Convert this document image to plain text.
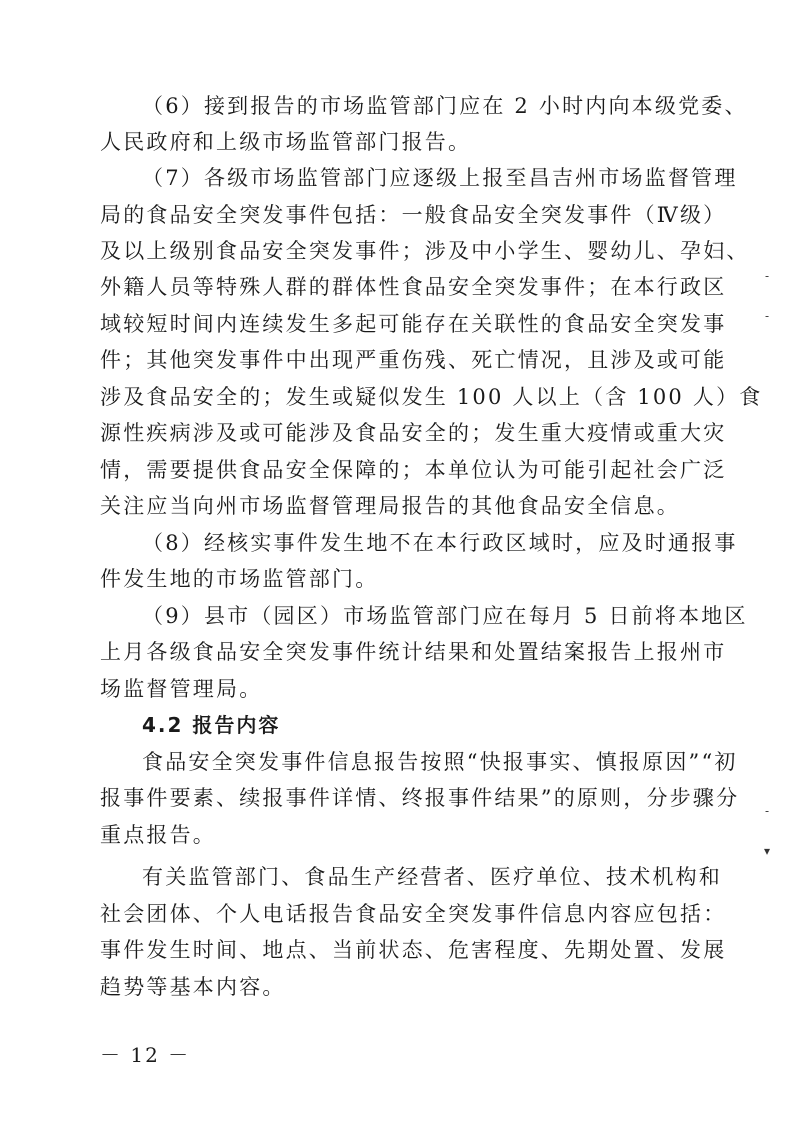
（6）接到报告的市场监管部门应在 2 小时内向本级党委、
人民政府和上级市场监管部门报告。
（7）各级市场监管部门应逐级上报至昌吉州市场监督管理
局的食品安全突发事件包括：一般食品安全突发事件（Ⅳ级）
及以上级别食品安全突发事件；涉及中小学生、婴幼儿、孕妇、
外籍人员等特殊人群的群体性食品安全突发事件；在本行政区
域较短时间内连续发生多起可能存在关联性的食品安全突发事
件；其他突发事件中出现严重伤残、死亡情况，且涉及或可能
涉及食品安全的；发生或疑似发生 100 人以上（含 100 人）食
源性疾病涉及或可能涉及食品安全的；发生重大疫情或重大灾
情，需要提供食品安全保障的；本单位认为可能引起社会广泛
关注应当向州市场监督管理局报告的其他食品安全信息。
（8）经核实事件发生地不在本行政区域时，应及时通报事
件发生地的市场监管部门。
（9）县市（园区）市场监管部门应在每月 5 日前将本地区
上月各级食品安全突发事件统计结果和处置结案报告上报州市
场监督管理局。
4.2 报告内容
食品安全突发事件信息报告按照“快报事实、慎报原因”“初
报事件要素、续报事件详情、终报事件结果”的原则，分步骤分
重点报告。
有关监管部门、食品生产经营者、医疗单位、技术机构和
社会团体、个人电话报告食品安全突发事件信息内容应包括：
事件发生时间、地点、当前状态、危害程度、先期处置、发展
趋势等基本内容。
－ 12 －
-
-
-
▾
